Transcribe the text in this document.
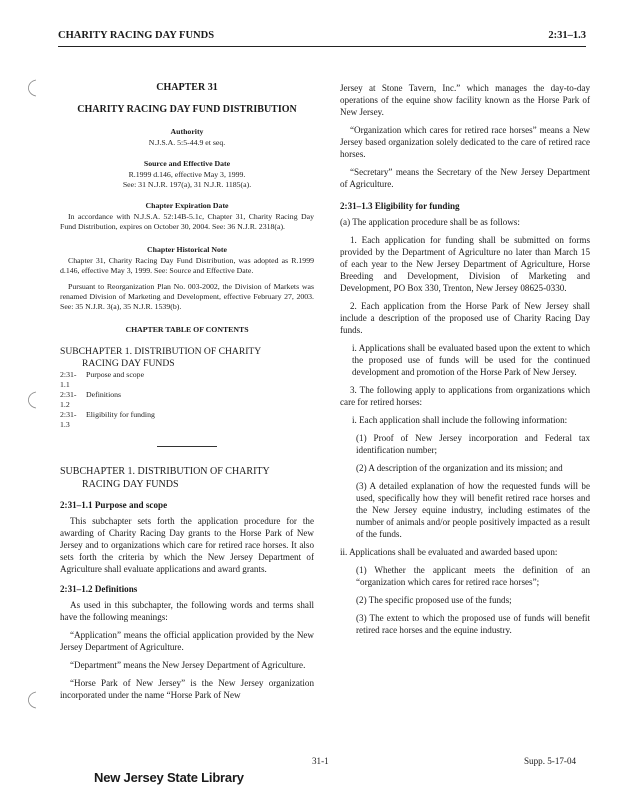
CHARITY RACING DAY FUNDS	2:31–1.3
CHAPTER 31
CHARITY RACING DAY FUND DISTRIBUTION
Authority
N.J.S.A. 5:5-44.9 et seq.
Source and Effective Date
R.1999 d.146, effective May 3, 1999.
See: 31 N.J.R. 197(a), 31 N.J.R. 1185(a).
Chapter Expiration Date

In accordance with N.J.S.A. 52:14B-5.1c, Chapter 31, Charity Racing Day Fund Distribution, expires on October 30, 2004. See: 36 N.J.R. 2318(a).

Chapter Historical Note

Chapter 31, Charity Racing Day Fund Distribution, was adopted as R.1999 d.146, effective May 3, 1999. See: Source and Effective Date.

Pursuant to Reorganization Plan No. 003-2002, the Division of Markets was renamed Division of Marketing and Development, effective February 27, 2003. See: 35 N.J.R. 3(a), 35 N.J.R. 1539(b).

CHAPTER TABLE OF CONTENTS
SUBCHAPTER 1. DISTRIBUTION OF CHARITY
RACING DAY FUNDS
2:31-1.1
Purpose and scope
2:31-1.2
Definitions
2:31-1.3
Eligibility for funding
SUBCHAPTER 1. DISTRIBUTION OF CHARITY
RACING DAY FUNDS
2:31–1.1 Purpose and scope

This subchapter sets forth the application procedure for the awarding of Charity Racing Day grants to the Horse Park of New Jersey and to organizations which care for retired race horses. It also sets forth the criteria by which the New Jersey Department of Agriculture shall evaluate applications and award grants.

2:31–1.2 Definitions

As used in this subchapter, the following words and terms shall have the following meanings:

“Application” means the official application provided by the New Jersey Department of Agriculture.

“Department” means the New Jersey Department of Agriculture.

“Horse Park of New Jersey” is the New Jersey organization incorporated under the name “Horse Park of New

Jersey at Stone Tavern, Inc.” which manages the day-to-day operations of the equine show facility known as the Horse Park of New Jersey.

“Organization which cares for retired race horses” means a New Jersey based organization solely dedicated to the care of retired race horses.

“Secretary” means the Secretary of the New Jersey Department of Agriculture.

2:31–1.3 Eligibility for funding

(a) The application procedure shall be as follows:

1. Each application for funding shall be submitted on forms provided by the Department of Agriculture no later than March 15 of each year to the New Jersey Department of Agriculture, Horse Breeding and Development, Division of Marketing and Development, PO Box 330, Trenton, New Jersey 08625-0330.

2. Each application from the Horse Park of New Jersey shall include a description of the proposed use of Charity Racing Day funds.

i. Applications shall be evaluated based upon the extent to which the proposed use of funds will be used for the continued development and promotion of the Horse Park of New Jersey.

3. The following apply to applications from organizations which care for retired horses:

i. Each application shall include the following information:

(1) Proof of New Jersey incorporation and Federal tax identification number;

(2) A description of the organization and its mission; and

(3) A detailed explanation of how the requested funds will be used, specifically how they will benefit retired race horses and the New Jersey equine industry, including estimates of the number of animals and/or people positively impacted as a result of the funds.

ii. Applications shall be evaluated and awarded based upon:

(1) Whether the applicant meets the definition of an “organization which cares for retired race horses”;

(2) The specific proposed use of the funds;

(3) The extent to which the proposed use of funds will benefit retired race horses and the equine industry.

31-1	Supp. 5-17-04
New Jersey State Library
